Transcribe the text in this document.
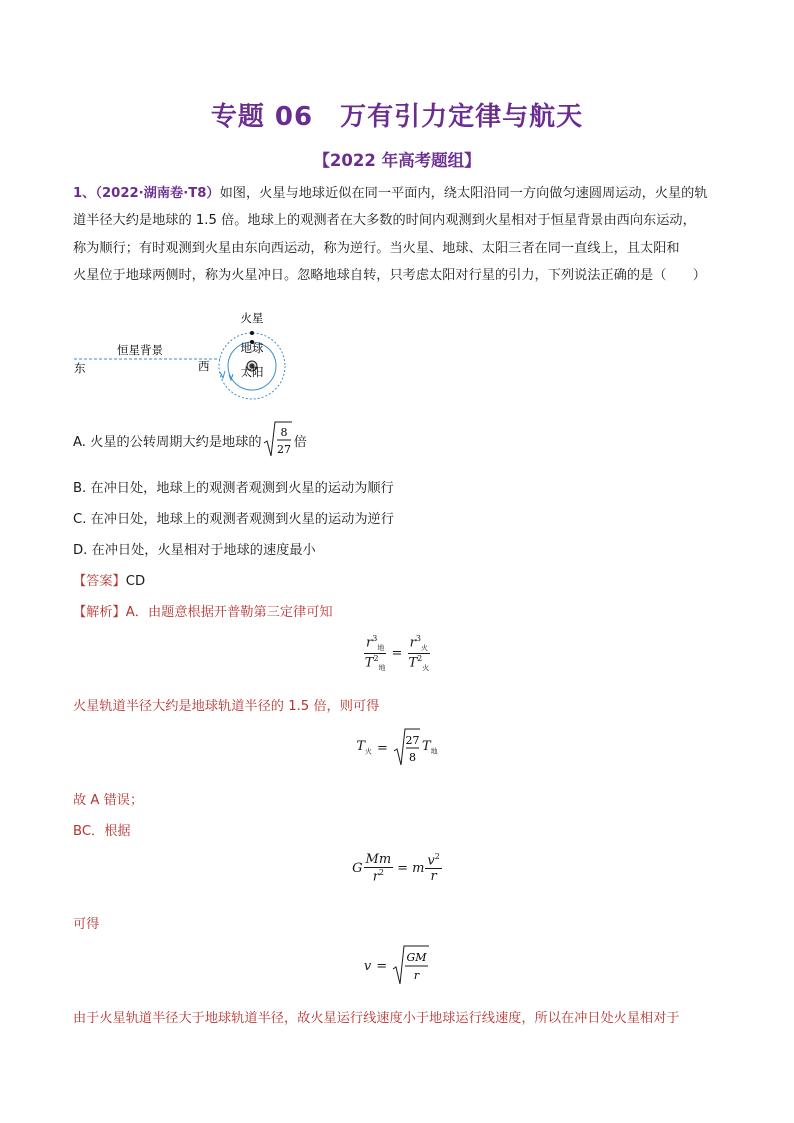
专题 06　万有引力定律与航天
【2022 年高考题组】
1、（2022·湖南卷·T8）如图，火星与地球近似在同一平面内，绕太阳沿同一方向做匀速圆周运动，火星的轨
道半径大约是地球的 1.5 倍。地球上的观测者在大多数的时间内观测到火星相对于恒星背景由西向东运动，
称为顺行；有时观测到火星由东向西运动，称为逆行。当火星、地球、太阳三者在同一直线上，且太阳和
火星位于地球两侧时，称为火星冲日。忽略地球自转，只考虑太阳对行星的引力，下列说法正确的是（　　）
火星
地球
太阳
恒星背景
东	西
A. 火星的公转周期大约是地球的
8
27 倍
B. 在冲日处，地球上的观测者观测到火星的运动为顺行
C. 在冲日处，地球上的观测者观测到火星的运动为逆行
D. 在冲日处，火星相对于地球的速度最小
【答案】CD
【解析】A．由题意根据开普勒第三定律可知
$\frac{r^3_地}{T^2_地} = \frac{r^3_火}{T^2_火}$
火星轨道半径大约是地球轨道半径的 1.5 倍，则可得
$T_火 = 27$
8
$T_地$
故 A 错误；
BC．根据
G $\frac{Mm}{r^2} = m \frac{v^2}{r}$
可得
v =
GM
r
由于火星轨道半径大于地球轨道半径，故火星运行线速度小于地球运行线速度，所以在冲日处火星相对于
